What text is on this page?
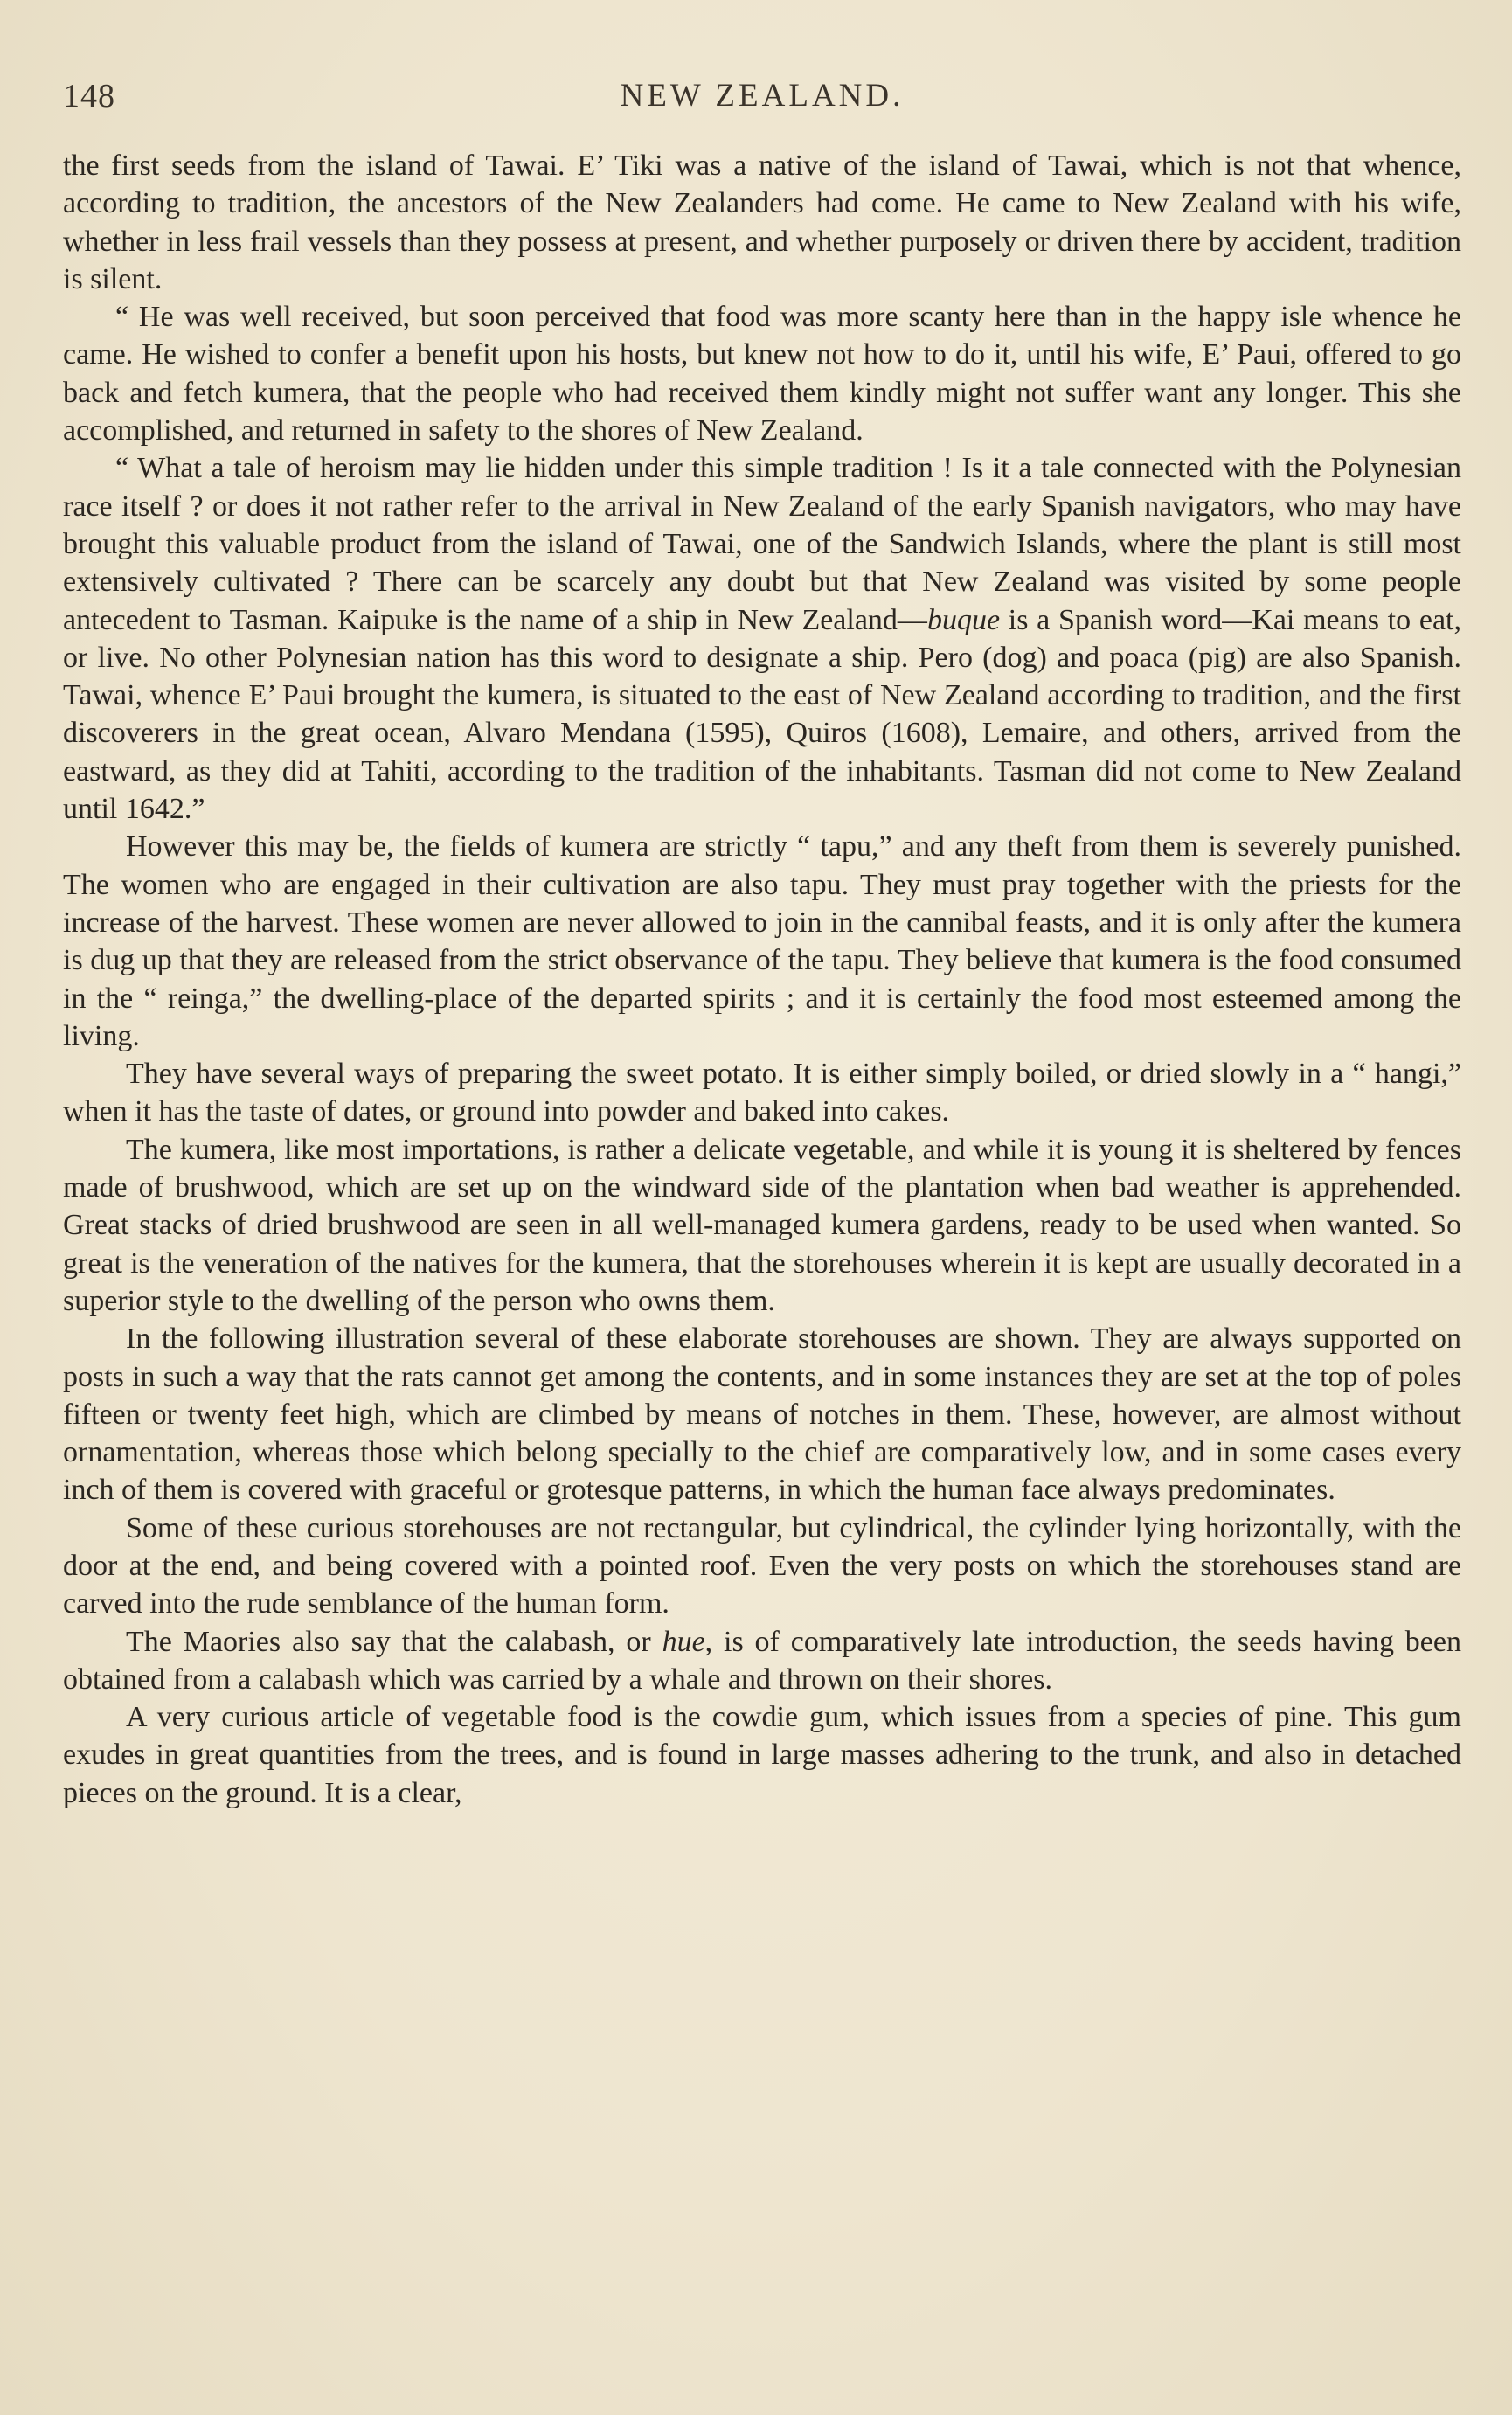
148	NEW ZEALAND.

the first seeds from the island of Tawai. E’ Tiki was a native of the island of Tawai, which is not that whence, according to tradition, the ancestors of the New Zealanders had come. He came to New Zealand with his wife, whether in less frail vessels than they possess at present, and whether purposely or driven there by accident, tradition is silent.

“ He was well received, but soon perceived that food was more scanty here than in the happy isle whence he came. He wished to confer a benefit upon his hosts, but knew not how to do it, until his wife, E’ Paui, offered to go back and fetch kumera, that the people who had received them kindly might not suffer want any longer. This she accomplished, and returned in safety to the shores of New Zealand.

“ What a tale of heroism may lie hidden under this simple tradition ! Is it a tale connected with the Polynesian race itself ? or does it not rather refer to the arrival in New Zealand of the early Spanish navigators, who may have brought this valuable product from the island of Tawai, one of the Sandwich Islands, where the plant is still most extensively cultivated ? There can be scarcely any doubt but that New Zealand was visited by some people antecedent to Tasman. Kaipuke is the name of a ship in New Zealand—buque is a Spanish word—Kai means to eat, or live. No other Polynesian nation has this word to designate a ship. Pero (dog) and poaca (pig) are also Spanish. Tawai, whence E’ Paui brought the kumera, is situated to the east of New Zealand according to tradition, and the first discoverers in the great ocean, Alvaro Mendana (1595), Quiros (1608), Lemaire, and others, arrived from the eastward, as they did at Tahiti, according to the tradition of the inhabitants. Tasman did not come to New Zealand until 1642.”

However this may be, the fields of kumera are strictly “ tapu,” and any theft from them is severely punished. The women who are engaged in their cultivation are also tapu. They must pray together with the priests for the increase of the harvest. These women are never allowed to join in the cannibal feasts, and it is only after the kumera is dug up that they are released from the strict observance of the tapu. They believe that kumera is the food consumed in the “ reinga,” the dwelling-place of the departed spirits ; and it is certainly the food most esteemed among the living.

They have several ways of preparing the sweet potato. It is either simply boiled, or dried slowly in a “ hangi,” when it has the taste of dates, or ground into powder and baked into cakes.

The kumera, like most importations, is rather a delicate vegetable, and while it is young it is sheltered by fences made of brushwood, which are set up on the windward side of the plantation when bad weather is apprehended. Great stacks of dried brushwood are seen in all well-managed kumera gardens, ready to be used when wanted. So great is the veneration of the natives for the kumera, that the storehouses wherein it is kept are usually decorated in a superior style to the dwelling of the person who owns them.

In the following illustration several of these elaborate storehouses are shown. They are always supported on posts in such a way that the rats cannot get among the contents, and in some instances they are set at the top of poles fifteen or twenty feet high, which are climbed by means of notches in them. These, however, are almost without ornamentation, whereas those which belong specially to the chief are comparatively low, and in some cases every inch of them is covered with graceful or grotesque patterns, in which the human face always predominates.

Some of these curious storehouses are not rectangular, but cylindrical, the cylinder lying horizontally, with the door at the end, and being covered with a pointed roof. Even the very posts on which the storehouses stand are carved into the rude semblance of the human form.

The Maories also say that the calabash, or hue, is of comparatively late introduction, the seeds having been obtained from a calabash which was carried by a whale and thrown on their shores.

A very curious article of vegetable food is the cowdie gum, which issues from a species of pine. This gum exudes in great quantities from the trees, and is found in large masses adhering to the trunk, and also in detached pieces on the ground. It is a clear,
